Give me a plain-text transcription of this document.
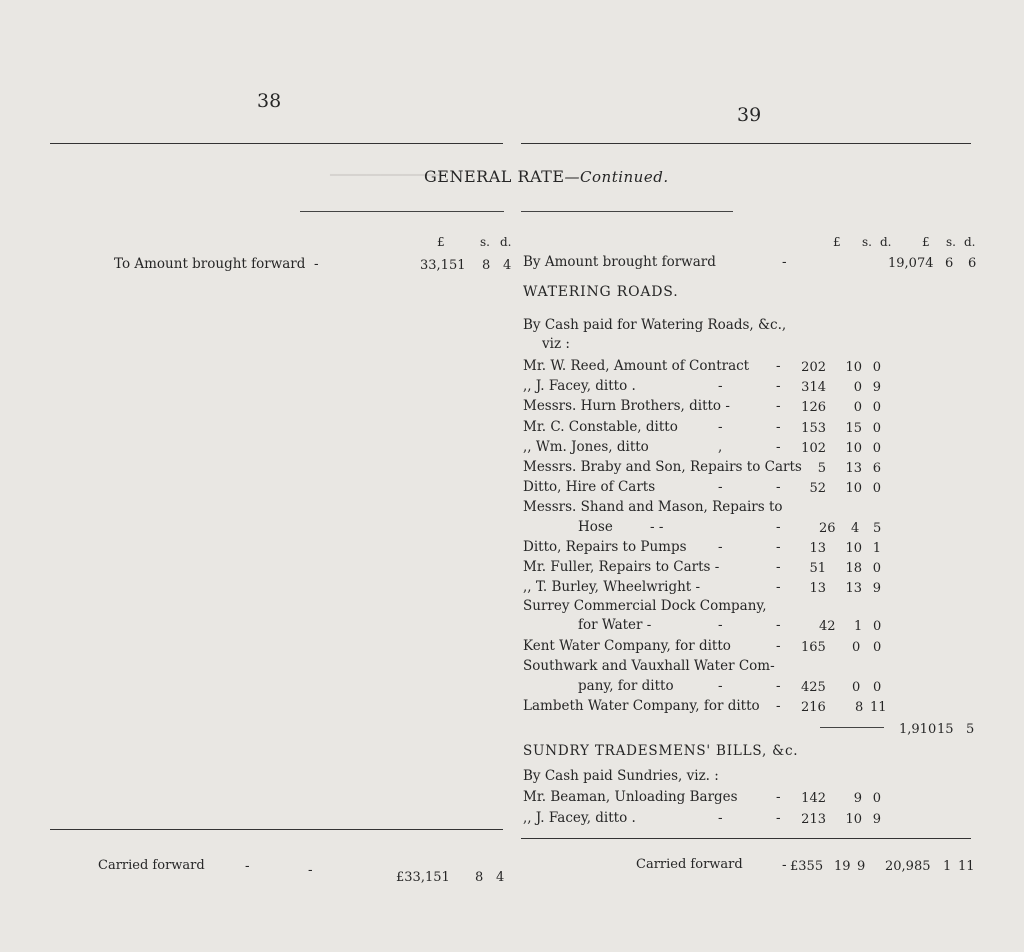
━━━━━━━━━━━━━━━━
38
39
GENERAL RATE—Continued.
£	s. d.
To Amount brought forward -	33,151 8 4
Carried forward	-	-	£33,151 8 4
£ s. d.	£ s. d.
By Amount brought forward	-	19,074 6 6
WATERING ROADS.
By Cash paid for Watering Roads, &c.,
viz :
Mr. W. Reed, Amount of Contract - 202 10 0
,, J. Facey, ditto .	-	- 314 0 9
Messrs. Hurn Brothers, ditto -	- 126 0 0
Mr. C. Constable, ditto	-	- 153 15 0
,, Wm. Jones, ditto	,	- 102 10 0
Messrs. Braby and Son, Repairs to Carts 5 13 6
Ditto, Hire of Carts	-	- 52 10 0
Messrs. Shand and Mason, Repairs to
Hose	- -	-	26 4 5
Ditto, Repairs to Pumps -	- 13 10 1
Mr. Fuller, Repairs to Carts -	- 51 18 0
,, T. Burley, Wheelwright -	- 13 13 9
Surrey Commercial Dock Company,
for Water -	-	-	42 1 0
Kent Water Company, for ditto	- 165 0 0
Southwark and Vauxhall Water Com-
pany, for ditto	-	- 425 0 0
Lambeth Water Company, for ditto - 216 8 11
1,910 15 5
SUNDRY TRADESMENS' BILLS, &c.
By Cash paid Sundries, viz. :
Mr. Beaman, Unloading Barges	- 142 9 0
,, J. Facey, ditto .	-	- 213 10 9
Carried forward	- £355 19 9 20,985 1 11
